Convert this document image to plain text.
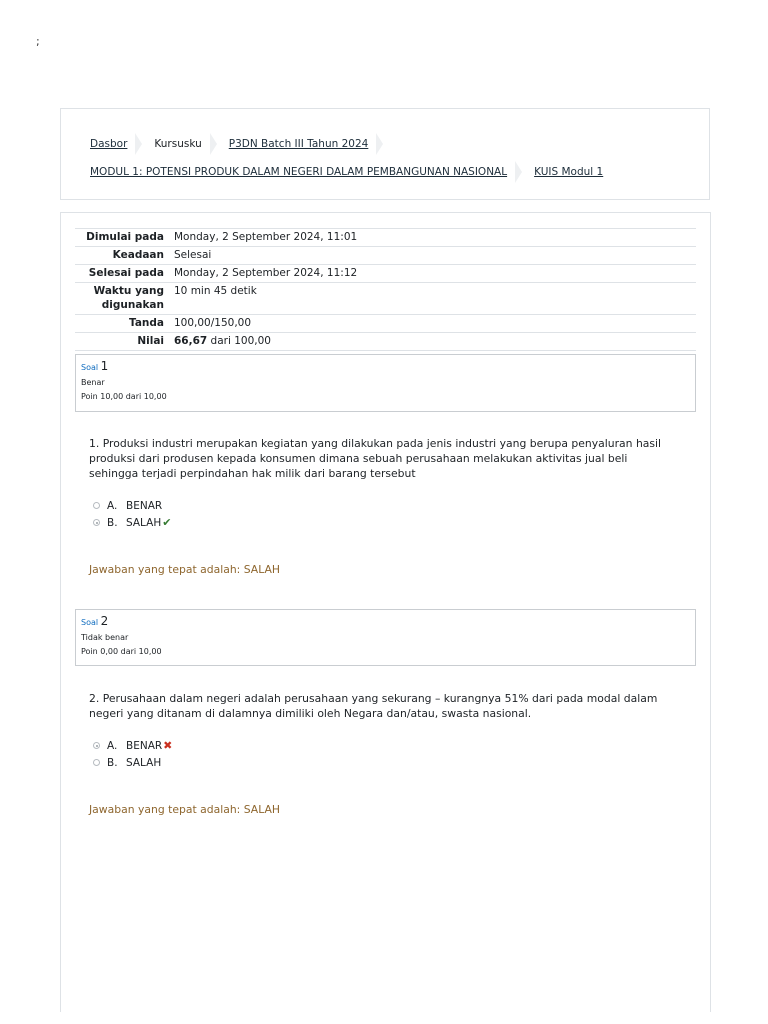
;
Dasbor	Kursusku	P3DN Batch III Tahun 2024
MODUL 1: POTENSI PRODUK DALAM NEGERI DALAM PEMBANGUNAN NASIONAL	KUIS Modul 1
Dimulai pada Monday, 2 September 2024, 11:01
Keadaan Selesai
Selesai pada Monday, 2 September 2024, 11:12
Waktu yang digunakan
10 min 45 detik
Tanda 100,00/150,00
Nilai 66,67 dari 100,00
Soal 1
Benar
Poin 10,00 dari 10,00
1. Produksi industri merupakan kegiatan yang dilakukan pada jenis industri yang berupa penyaluran hasil produksi dari produsen kepada konsumen dimana sebuah perusahaan melakukan aktivitas jual beli sehingga terjadi perpindahan hak milik dari barang tersebut
A. BENAR
B. SALAH ✔
Jawaban yang tepat adalah: SALAH
Soal 2
Tidak benar
Poin 0,00 dari 10,00
2. Perusahaan dalam negeri adalah perusahaan yang sekurang – kurangnya 51% dari pada modal dalam negeri yang ditanam di dalamnya dimiliki oleh Negara dan/atau, swasta nasional.
A. BENAR ✖
B. SALAH
Jawaban yang tepat adalah: SALAH
